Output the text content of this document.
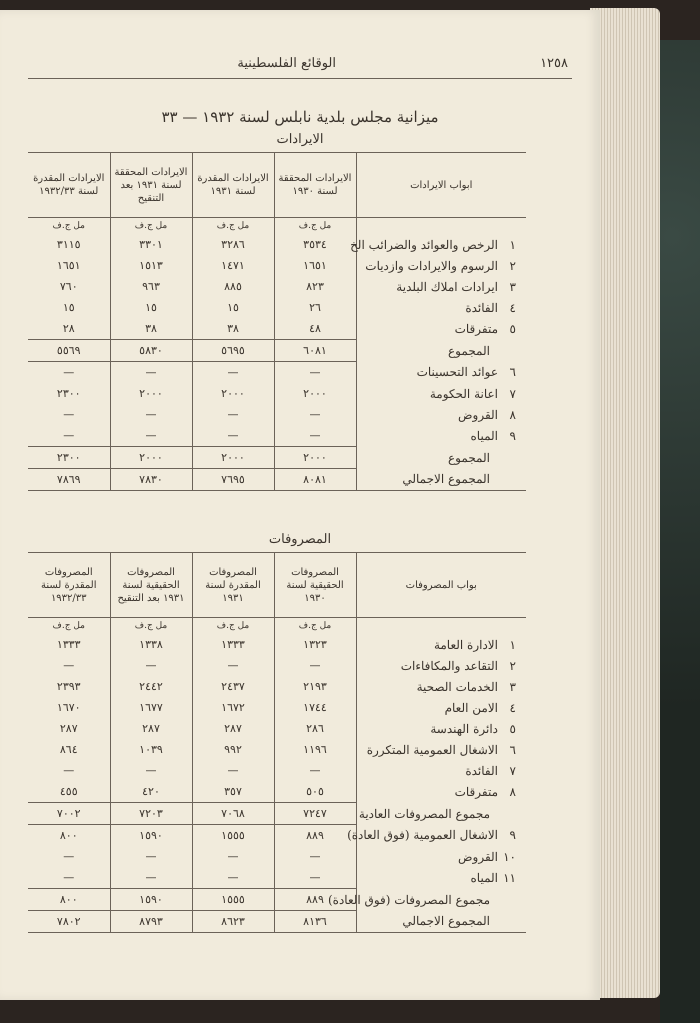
١٢٥٨
الوقائع الفلسطينية
ميزانية مجلس بلدية نابلس لسنة ١٩٣٢ — ٣٣
الايرادات
ابواب الايرادات	الايرادات المحققة لسنة ١٩٣٠	الايرادات المقدرة لسنة ١٩٣١	الايرادات المحققة لسنة ١٩٣١ بعد التنقيح	الايرادات المقدرة لسنة ١٩٣٢/٣٣
	مل ج.ف	مل ج.ف	مل ج.ف	مل ج.ف
١الرخص والعوائد والضرائب الخ	٣٥٣٤	٣٢٨٦	٣٣٠١	٣١١٥
٢الرسوم والايرادات وازديات	١٦٥١	١٤٧١	١٥١٣	١٦٥١
٣ايرادات املاك البلدية	٨٢٣	٨٨٥	٩٦٣	٧٦٠
٤الفائدة	٢٦	١٥	١٥	١٥
٥متفرقات	٤٨	٣٨	٣٨	٢٨
المجموع	٦٠٨١	٥٦٩٥	٥٨٣٠	٥٥٦٩
٦عوائد التحسينات	—	—	—	—
٧اعانة الحكومة	٢٠٠٠	٢٠٠٠	٢٠٠٠	٢٣٠٠
٨القروض	—	—	—	—
٩المياه	—	—	—	—
المجموع	٢٠٠٠	٢٠٠٠	٢٠٠٠	٢٣٠٠
المجموع الاجمالي	٨٠٨١	٧٦٩٥	٧٨٣٠	٧٨٦٩
المصروفات
بواب المصروفات	المصروفات الحقيقية لسنة ١٩٣٠	المصروفات المقدرة لسنة ١٩٣١	المصروفات الحقيقية لسنة ١٩٣١ بعد التنقيح	المصروفات المقدرة لسنة ١٩٣٢/٣٣
	مل ج.ف	مل ج.ف	مل ج.ف	مل ج.ف
١الادارة العامة	١٣٢٣	١٣٣٣	١٣٣٨	١٣٣٣
٢التقاعد والمكافاءات	—	—	—	—
٣الخدمات الصحية	٢١٩٣	٢٤٣٧	٢٤٤٢	٢٣٩٣
٤الامن العام	١٧٤٤	١٦٧٢	١٦٧٧	١٦٧٠
٥دائرة الهندسة	٢٨٦	٢٨٧	٢٨٧	٢٨٧
٦الاشغال العمومية المتكررة	١١٩٦	٩٩٢	١٠٣٩	٨٦٤
٧الفائدة	—	—	—	—
٨متفرقات	٥٠٥	٣٥٧	٤٢٠	٤٥٥
مجموع المصروفات العادية	٧٢٤٧	٧٠٦٨	٧٢٠٣	٧٠٠٢
٩الاشغال العمومية (فوق العادة)	٨٨٩	١٥٥٥	١٥٩٠	٨٠٠
١٠القروض	—	—	—	—
١١المياه	—	—	—	—
مجموع المصروفات (فوق العادة)	٨٨٩	١٥٥٥	١٥٩٠	٨٠٠
المجموع الاجمالي	٨١٣٦	٨٦٢٣	٨٧٩٣	٧٨٠٢
